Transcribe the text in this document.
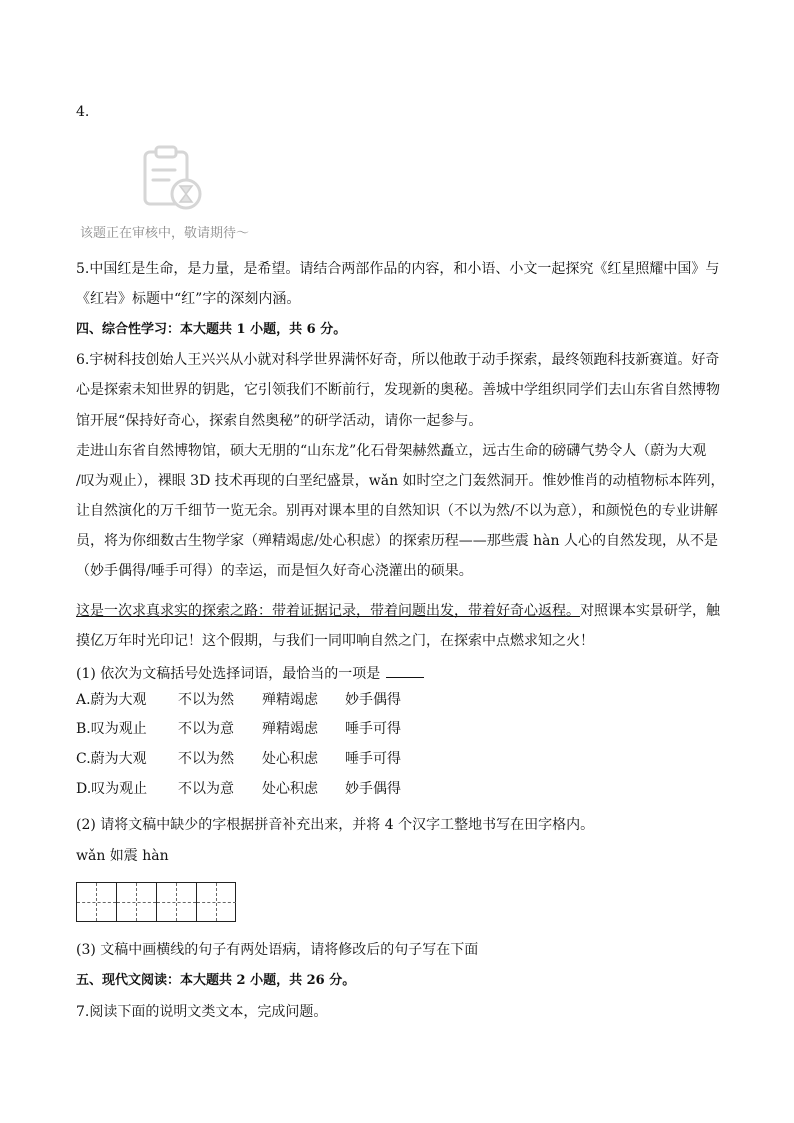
4.
该题正在审核中，敬请期待～
5.中国红是生命，是力量，是希望。请结合两部作品的内容，和小语、小文一起探究《红星照耀中国》与
《红岩》标题中“红”字的深刻内涵。
四、综合性学习：本大题共 1 小题，共 6 分。
6.宇树科技创始人王兴兴从小就对科学世界满怀好奇，所以他敢于动手探索，最终领跑科技新赛道。好奇
心是探索未知世界的钥匙，它引领我们不断前行，发现新的奥秘。善城中学组织同学们去山东省自然博物
馆开展“保持好奇心，探索自然奥秘”的研学活动，请你一起参与。
走进山东省自然博物馆，硕大无朋的“山东龙”化石骨架赫然矗立，远古生命的磅礴气势令人（蔚为大观
/叹为观止），裸眼 3D 技术再现的白垩纪盛景，wǎn 如时空之门轰然洞开。惟妙惟肖的动植物标本阵列，
让自然演化的万千细节一览无余。别再对课本里的自然知识（不以为然/不以为意），和颜悦色的专业讲解
员，将为你细数古生物学家（殚精竭虑/处心积虑）的探索历程——那些震 hàn 人心的自然发现，从不是
（妙手偶得/唾手可得）的幸运，而是恒久好奇心浇灌出的硕果。
这是一次求真求实的探索之路：带着证据记录，带着问题出发，带着好奇心返程。对照课本实景研学，触
摸亿万年时光印记！这个假期，与我们一同叩响自然之门，在探索中点燃求知之火！
(1) 依次为文稿括号处选择词语，最恰当的一项是
A.蔚为大观 不以为然 殚精竭虑 妙手偶得
B.叹为观止 不以为意 殚精竭虑 唾手可得
C.蔚为大观 不以为然 处心积虑 唾手可得
D.叹为观止 不以为意 处心积虑 妙手偶得
(2) 请将文稿中缺少的字根据拼音补充出来，并将 4 个汉字工整地书写在田字格内。
wǎn 如震 hàn
(3) 文稿中画横线的句子有两处语病，请将修改后的句子写在下面
五、现代文阅读：本大题共 2 小题，共 26 分。
7.阅读下面的说明文类文本，完成问题。
